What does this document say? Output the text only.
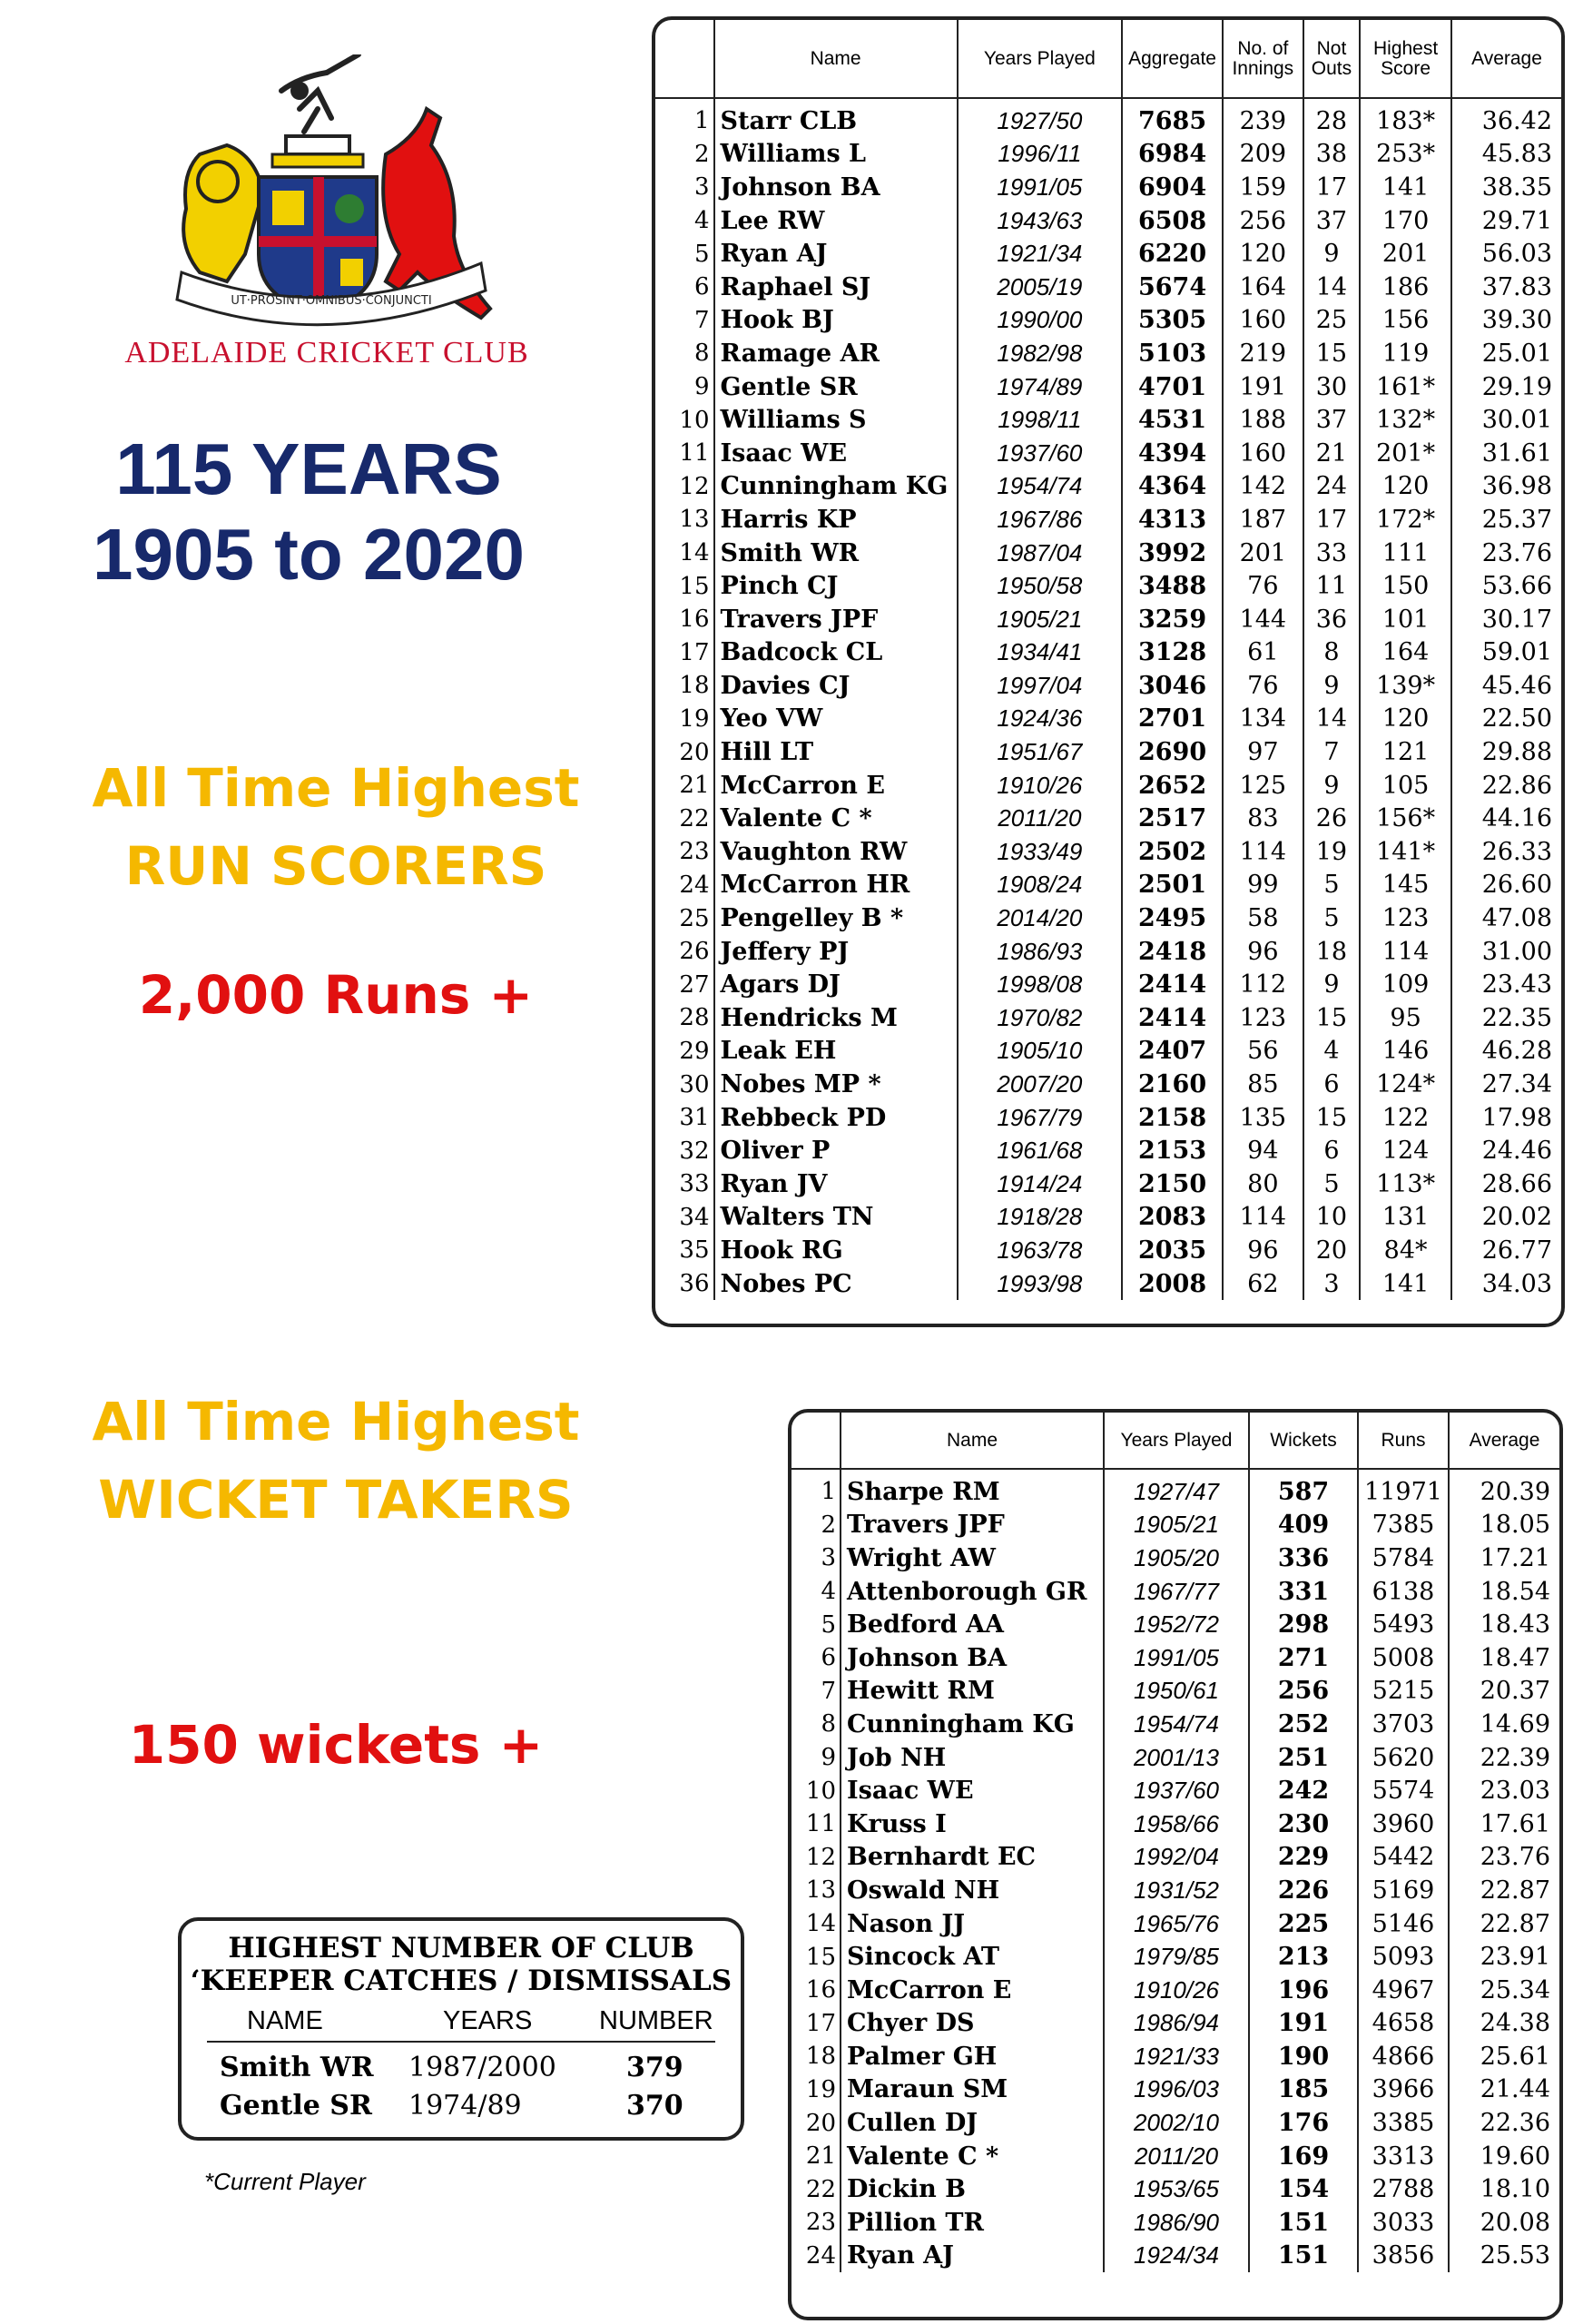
UT·PROSINT·OMNIBUS·CONJUNCTI
ADELAIDE CRICKET CLUB
115 YEARS
1905 to 2020
All Time Highest
RUN SCORERS
2,000 Runs +
	Name	Years Played	Aggregate	No. of Innings	Not Outs	Highest Score	Average
1	Starr CLB	1927/50	7685	239	28	183*	36.42
2	Williams L	1996/11	6984	209	38	253*	45.83
3	Johnson BA	1991/05	6904	159	17	141	38.35
4	Lee RW	1943/63	6508	256	37	170	29.71
5	Ryan AJ	1921/34	6220	120	9	201	56.03
6	Raphael SJ	2005/19	5674	164	14	186	37.83
7	Hook BJ	1990/00	5305	160	25	156	39.30
8	Ramage AR	1982/98	5103	219	15	119	25.01
9	Gentle SR	1974/89	4701	191	30	161*	29.19
10	Williams S	1998/11	4531	188	37	132*	30.01
11	Isaac WE	1937/60	4394	160	21	201*	31.61
12	Cunningham KG	1954/74	4364	142	24	120	36.98
13	Harris KP	1967/86	4313	187	17	172*	25.37
14	Smith WR	1987/04	3992	201	33	111	23.76
15	Pinch CJ	1950/58	3488	76	11	150	53.66
16	Travers JPF	1905/21	3259	144	36	101	30.17
17	Badcock CL	1934/41	3128	61	8	164	59.01
18	Davies CJ	1997/04	3046	76	9	139*	45.46
19	Yeo VW	1924/36	2701	134	14	120	22.50
20	Hill LT	1951/67	2690	97	7	121	29.88
21	McCarron E	1910/26	2652	125	9	105	22.86
22	Valente C *	2011/20	2517	83	26	156*	44.16
23	Vaughton RW	1933/49	2502	114	19	141*	26.33
24	McCarron HR	1908/24	2501	99	5	145	26.60
25	Pengelley B *	2014/20	2495	58	5	123	47.08
26	Jeffery PJ	1986/93	2418	96	18	114	31.00
27	Agars DJ	1998/08	2414	112	9	109	23.43
28	Hendricks M	1970/82	2414	123	15	95	22.35
29	Leak EH	1905/10	2407	56	4	146	46.28
30	Nobes MP *	2007/20	2160	85	6	124*	27.34
31	Rebbeck PD	1967/79	2158	135	15	122	17.98
32	Oliver P	1961/68	2153	94	6	124	24.46
33	Ryan JV	1914/24	2150	80	5	113*	28.66
34	Walters TN	1918/28	2083	114	10	131	20.02
35	Hook RG	1963/78	2035	96	20	84*	26.77
36	Nobes PC	1993/98	2008	62	3	141	34.03
All Time Highest
WICKET TAKERS
150 wickets +
	Name	Years Played	Wickets	Runs	Average
1	Sharpe RM	1927/47	587	11971	20.39
2	Travers JPF	1905/21	409	7385	18.05
3	Wright AW	1905/20	336	5784	17.21
4	Attenborough GR	1967/77	331	6138	18.54
5	Bedford AA	1952/72	298	5493	18.43
6	Johnson BA	1991/05	271	5008	18.47
7	Hewitt RM	1950/61	256	5215	20.37
8	Cunningham KG	1954/74	252	3703	14.69
9	Job NH	2001/13	251	5620	22.39
10	Isaac WE	1937/60	242	5574	23.03
11	Kruss I	1958/66	230	3960	17.61
12	Bernhardt EC	1992/04	229	5442	23.76
13	Oswald NH	1931/52	226	5169	22.87
14	Nason JJ	1965/76	225	5146	22.87
15	Sincock AT	1979/85	213	5093	23.91
16	McCarron E	1910/26	196	4967	25.34
17	Chyer DS	1986/94	191	4658	24.38
18	Palmer GH	1921/33	190	4866	25.61
19	Maraun SM	1996/03	185	3966	21.44
20	Cullen DJ	2002/10	176	3385	22.36
21	Valente C *	2011/20	169	3313	19.60
22	Dickin B	1953/65	154	2788	18.10
23	Pillion TR	1986/90	151	3033	20.08
24	Ryan AJ	1924/34	151	3856	25.53
HIGHEST NUMBER OF CLUB
‘KEEPER CATCHES / DISMISSALS
NAME	YEARS	NUMBER
Smith WR 1987/2000	379
Gentle SR 1974/89	370
*Current Player
